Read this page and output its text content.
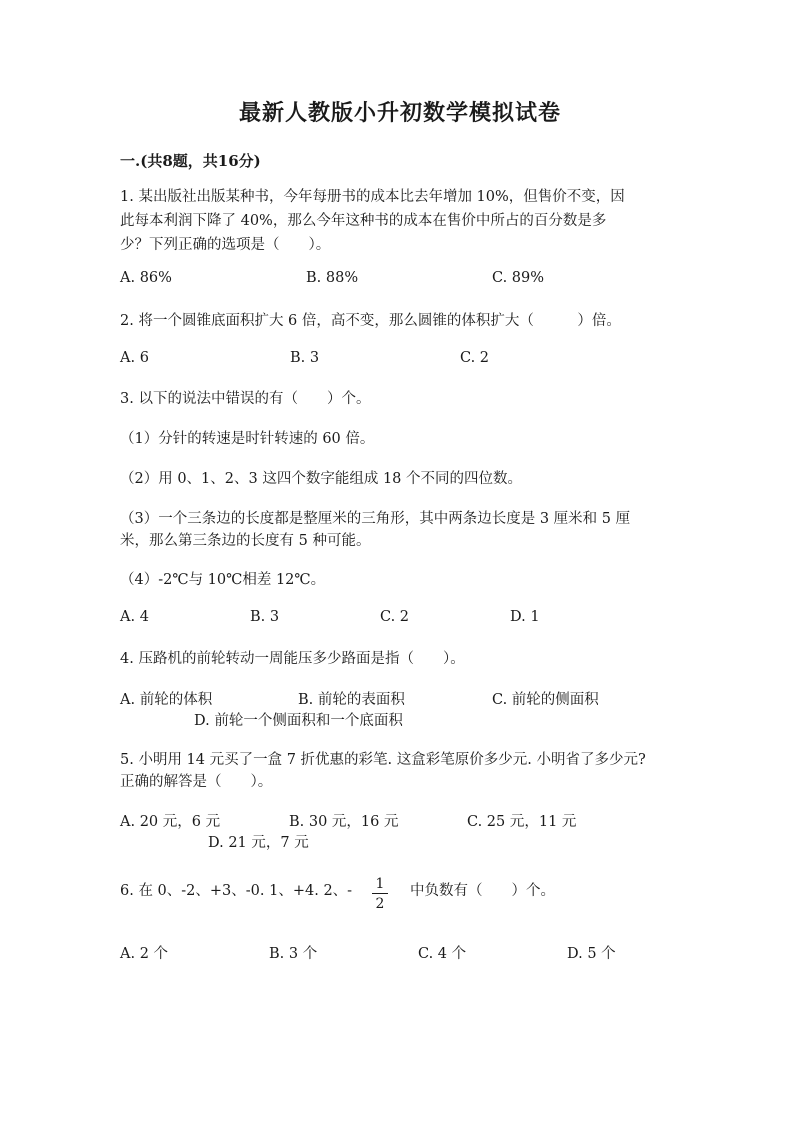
最新人教版小升初数学模拟试卷
一.(共8题，共16分)
1. 某出版社出版某种书，今年每册书的成本比去年增加 10%，但售价不变，因
此每本利润下降了 40%，那么今年这种书的成本在售价中所占的百分数是多
少？下列正确的选项是（　　）。
A. 86%	B. 88%	C. 89%
2. 将一个圆锥底面积扩大 6 倍，高不变，那么圆锥的体积扩大（　　　）倍。
A. 6	B. 3	C. 2
3. 以下的说法中错误的有（　　）个。
（1）分针的转速是时针转速的 60 倍。
（2）用 0、1、2、3 这四个数字能组成 18 个不同的四位数。
（3）一个三条边的长度都是整厘米的三角形，其中两条边长度是 3 厘米和 5 厘
米，那么第三条边的长度有 5 种可能。
（4）-2℃与 10℃相差 12℃。
A. 4	B. 3	C. 2	D. 1
4. 压路机的前轮转动一周能压多少路面是指（　　）。
A. 前轮的体积	B. 前轮的表面积	C. 前轮的侧面积
D. 前轮一个侧面积和一个底面积
5. 小明用 14 元买了一盒 7 折优惠的彩笔. 这盒彩笔原价多少元. 小明省了多少元?
正确的解答是（　　）。
A. 20 元，6 元	B. 30 元，16 元	C. 25 元，11 元
D. 21 元，7 元
6. 在 0、-2、+3、-0. 1、+4. 2、- 1
2
中负数有（　　）个。
A. 2 个	B. 3 个	C. 4 个	D. 5 个
